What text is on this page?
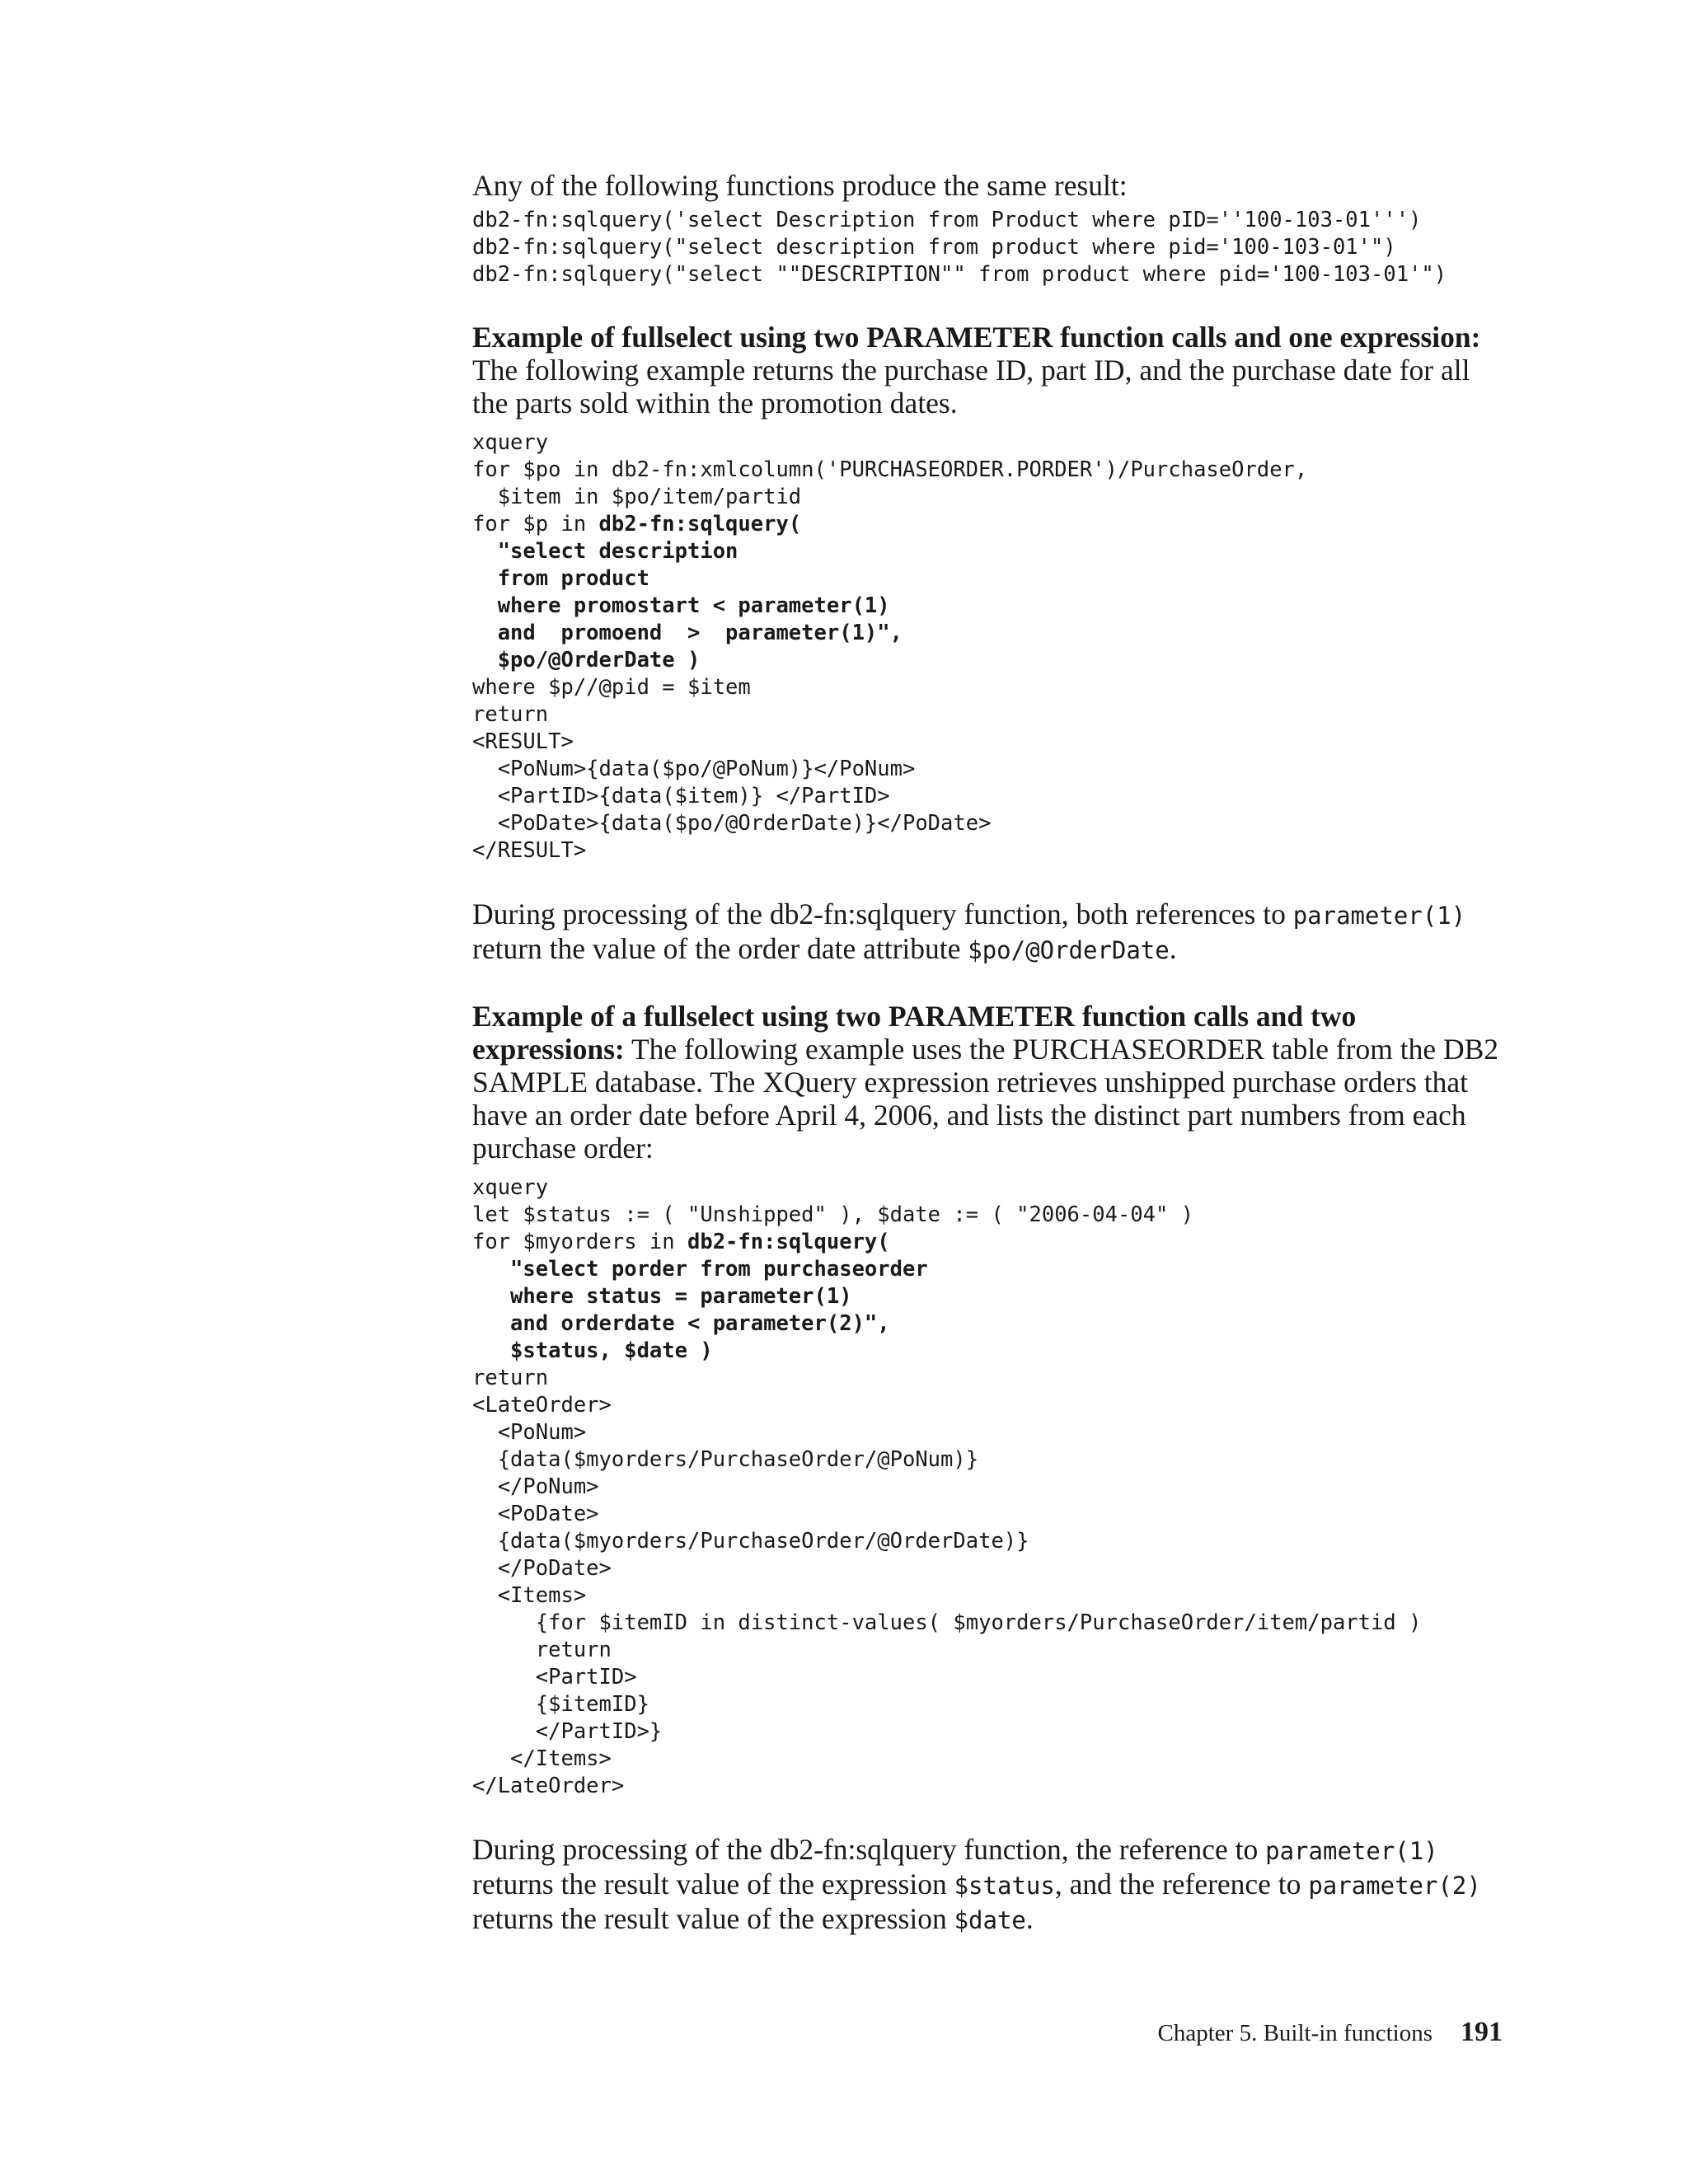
Any of the following functions produce the same result:

db2-fn:sqlquery('select Description from Product where pID=''100-103-01''')
db2-fn:sqlquery("select description from product where pid='100-103-01'")
db2-fn:sqlquery("select ""DESCRIPTION"" from product where pid='100-103-01'")

Example of fullselect using two PARAMETER function calls and one expression: The following example returns the purchase ID, part ID, and the purchase date for all the parts sold within the promotion dates.

xquery
for $po in db2-fn:xmlcolumn('PURCHASEORDER.PORDER')/PurchaseOrder,
$item in $po/item/partid
for $p in db2-fn:sqlquery(
"select description
from product
where promostart < parameter(1)
and  promoend  >  parameter(1)",
$po/@OrderDate )
where $p//@pid = $item
return
<RESULT>
<PoNum>{data($po/@PoNum)}</PoNum>
<PartID>{data($item)} </PartID>
<PoDate>{data($po/@OrderDate)}</PoDate>
</RESULT>

During processing of the db2-fn:sqlquery function, both references to parameter(1) return the value of the order date attribute $po/@OrderDate.

Example of a fullselect using two PARAMETER function calls and two expressions: The following example uses the PURCHASEORDER table from the DB2 SAMPLE database. The XQuery expression retrieves unshipped purchase orders that have an order date before April 4, 2006, and lists the distinct part numbers from each purchase order:

xquery
let $status := ( "Unshipped" ), $date := ( "2006-04-04" )
for $myorders in db2-fn:sqlquery(
"select porder from purchaseorder
where status = parameter(1)
and orderdate < parameter(2)",
$status, $date )
return
<LateOrder>
<PoNum>
{data($myorders/PurchaseOrder/@PoNum)}
</PoNum>
<PoDate>
{data($myorders/PurchaseOrder/@OrderDate)}
</PoDate>
<Items>
{for $itemID in distinct-values( $myorders/PurchaseOrder/item/partid )
return
<PartID>
{$itemID}
</PartID>}
</Items>
</LateOrder>

During processing of the db2-fn:sqlquery function, the reference to parameter(1) returns the result value of the expression $status, and the reference to parameter(2) returns the result value of the expression $date.

Chapter 5. Built-in functions 191
